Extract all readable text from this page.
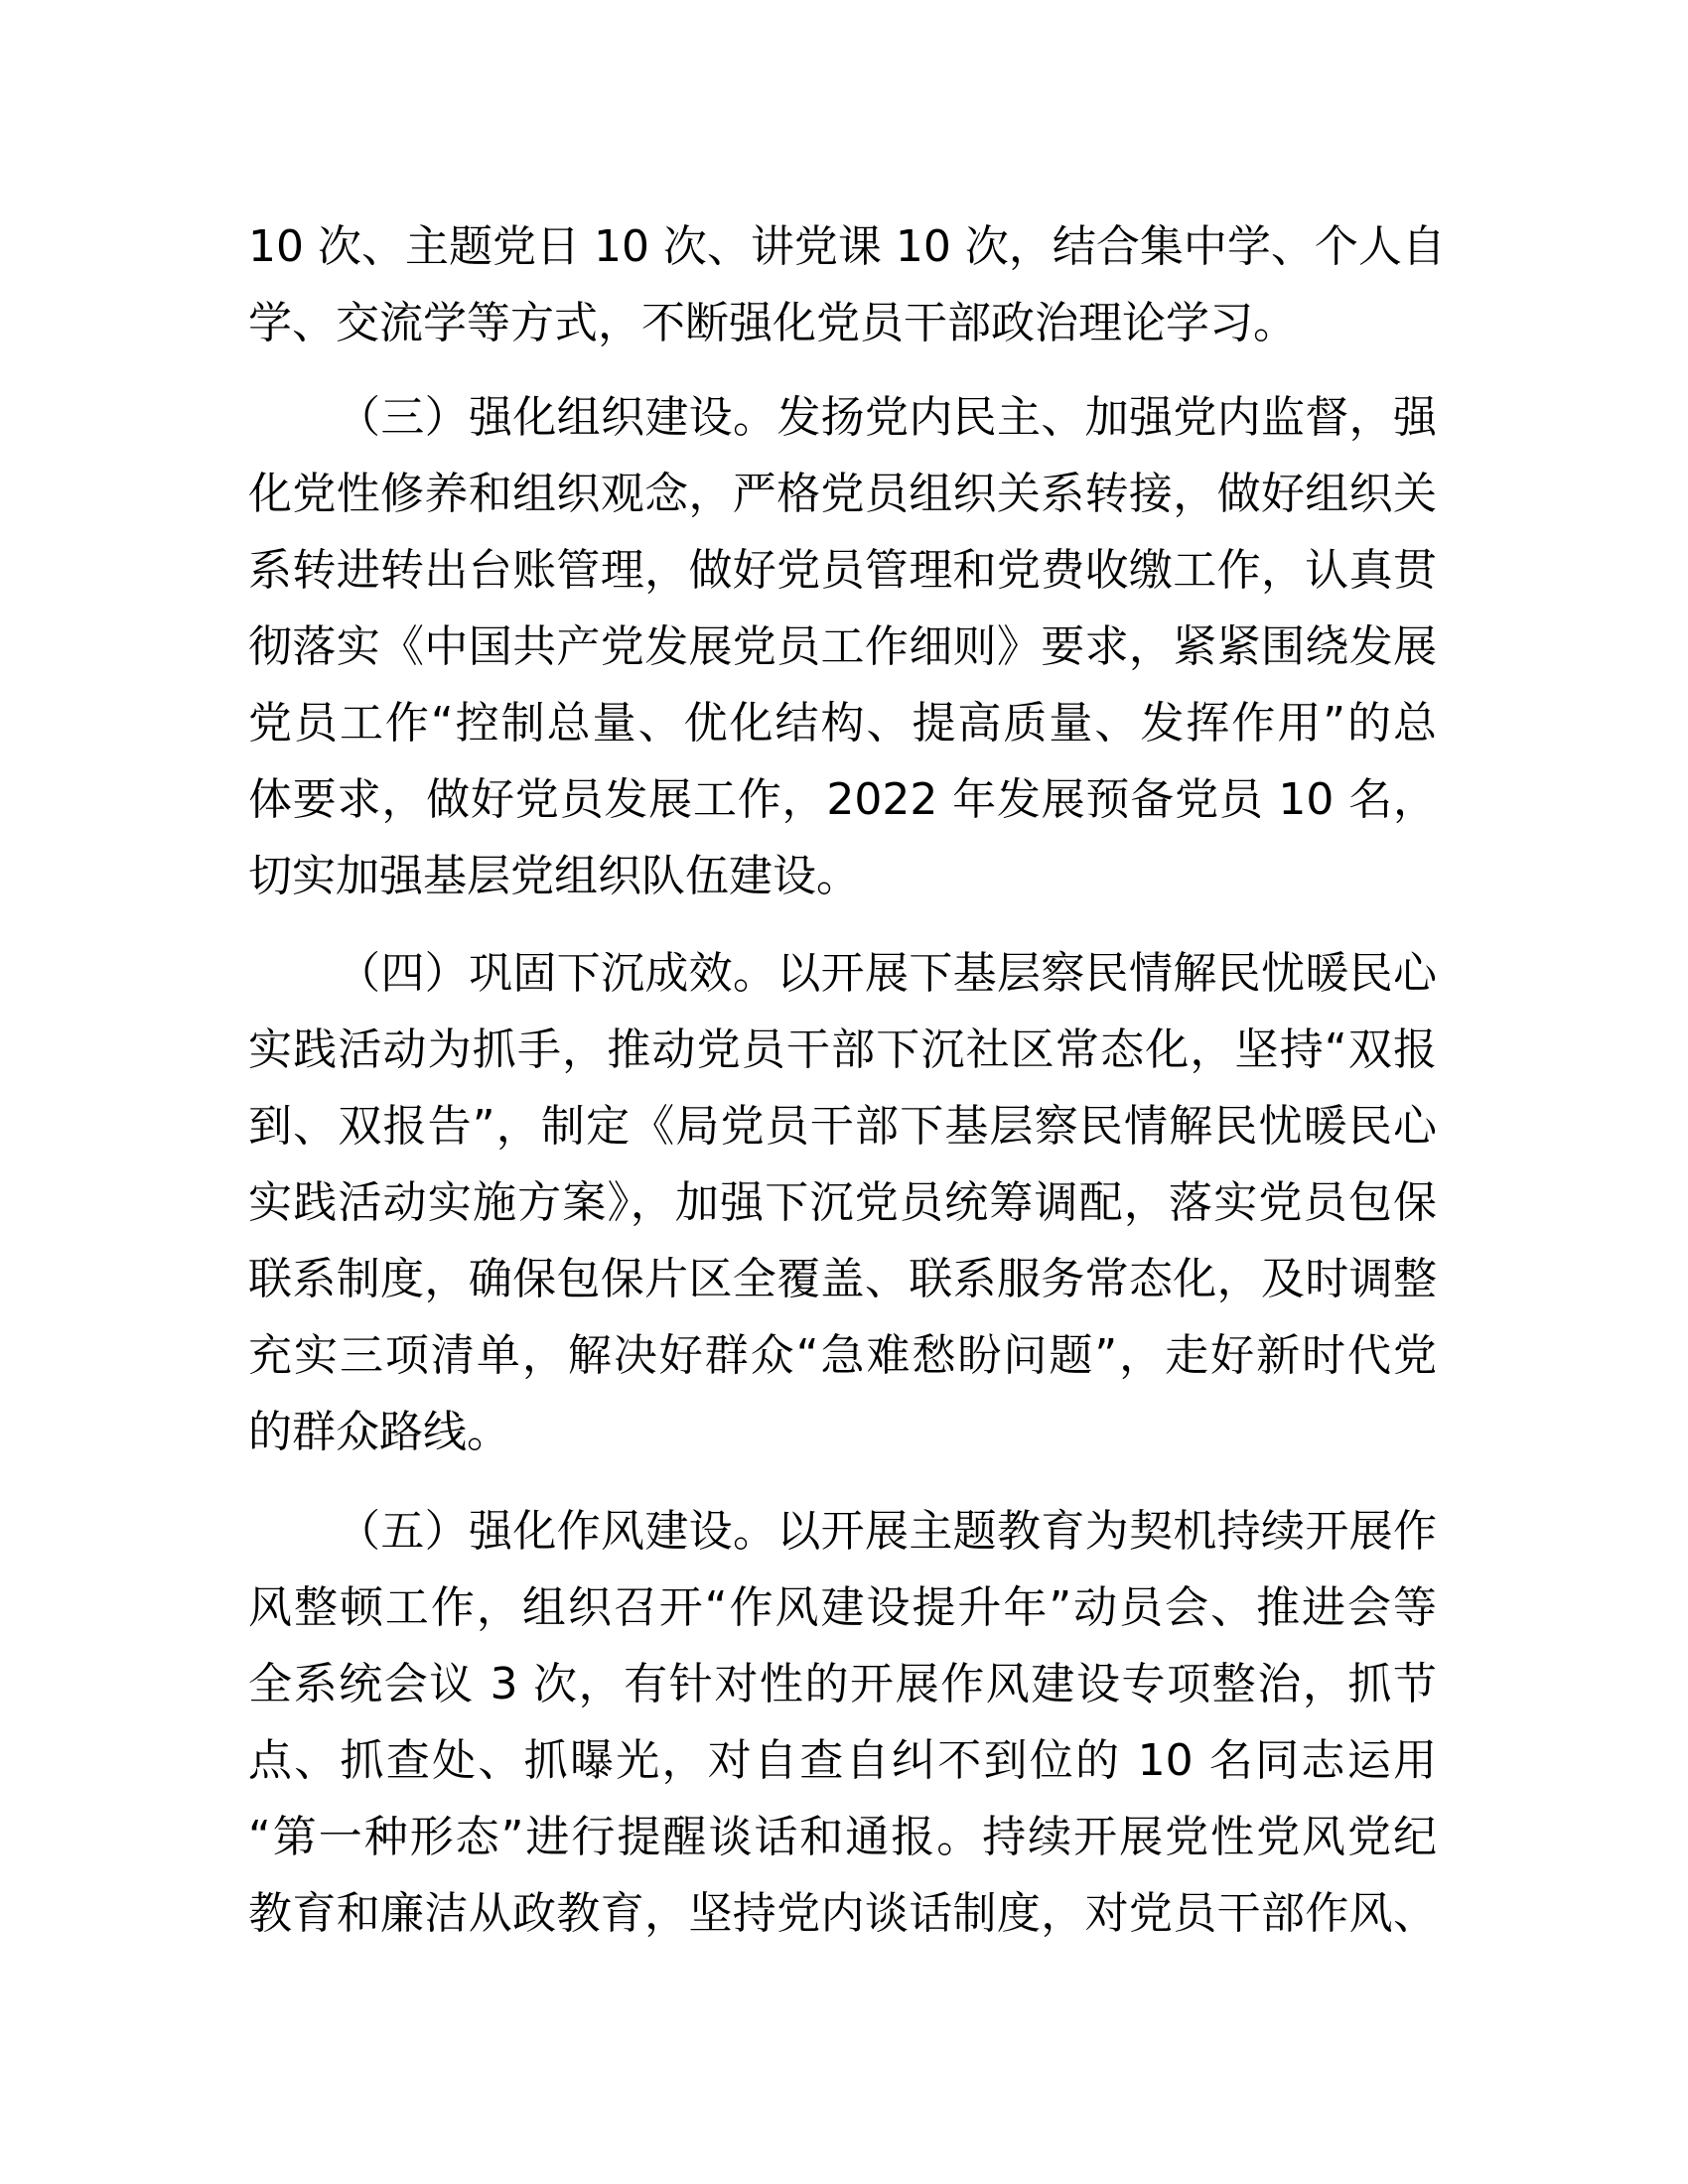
10 次、主题党日 10 次、讲党课 10 次，结合集中学、个人自
学、交流学等方式，不断强化党员干部政治理论学习。
（三）强化组织建设。发扬党内民主、加强党内监督，强
化党性修养和组织观念，严格党员组织关系转接，做好组织关
系转进转出台账管理，做好党员管理和党费收缴工作，认真贯
彻落实《中国共产党发展党员工作细则》要求，紧紧围绕发展
党员工作“控制总量、优化结构、提高质量、发挥作用”的总
体要求，做好党员发展工作，2022 年发展预备党员 10 名，
切实加强基层党组织队伍建设。
（四）巩固下沉成效。以开展下基层察民情解民忧暖民心
实践活动为抓手，推动党员干部下沉社区常态化，坚持“双报
到、双报告”，制定《局党员干部下基层察民情解民忧暖民心
实践活动实施方案》，加强下沉党员统筹调配，落实党员包保
联系制度，确保包保片区全覆盖、联系服务常态化，及时调整
充实三项清单，解决好群众“急难愁盼问题”，走好新时代党
的群众路线。
（五）强化作风建设。以开展主题教育为契机持续开展作
风整顿工作，组织召开“作风建设提升年”动员会、推进会等
全系统会议 3 次，有针对性的开展作风建设专项整治，抓节
点、抓查处、抓曝光，对自查自纠不到位的 10 名同志运用
“第一种形态”进行提醒谈话和通报。持续开展党性党风党纪
教育和廉洁从政教育，坚持党内谈话制度，对党员干部作风、
